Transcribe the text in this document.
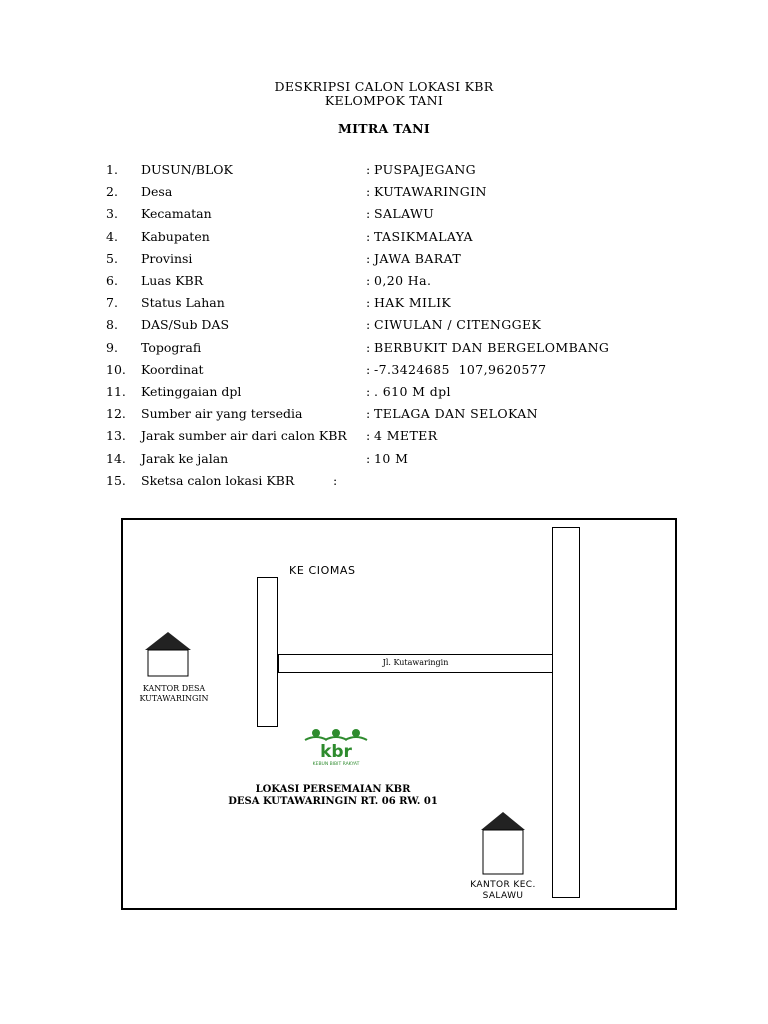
DESKRIPSI CALON LOKASI KBR
KELOMPOK TANI
MITRA TANI
1. DUSUN/BLOK	: PUSPAJEGANG
2. Desa	: KUTAWARINGIN
3. Kecamatan	: SALAWU
4. Kabupaten	: TASIKMALAYA
5. Provinsi	: JAWA BARAT
6. Luas KBR	: 0,20 Ha.
7. Status Lahan	: HAK MILIK
8. DAS/Sub DAS	: CIWULAN / CITENGGEK
9. Topografi	: BERBUKIT DAN BERGELOMBANG
10. Koordinat	: -7.3424685  107,9620577
11. Ketinggaian dpl	: . 610 M dpl
12. Sumber air yang tersedia	: TELAGA DAN SELOKAN
13. Jarak sumber air dari calon KBR : 4 METER
14. Jarak ke jalan	: 10 M
15. Sketsa calon lokasi KBR	:
Jl. Kutawaringin
KE CIOMAS
KANTOR DESA
KUTAWARINGIN
kbr
KEBUN BIBIT RAKYAT
LOKASI PERSEMAIAN KBR
DESA KUTAWARINGIN RT. 06 RW. 01
KANTOR KEC.
SALAWU
